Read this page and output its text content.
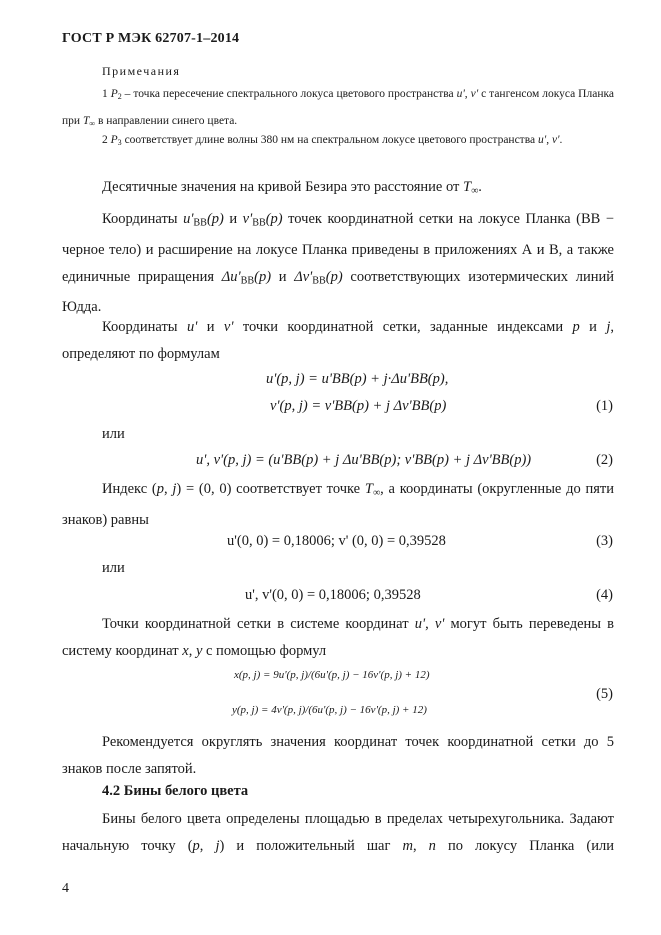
ГОСТ Р МЭК 62707-1–2014
Примечания
1 $P_2$ – точка пересечение спектрального локуса цветового пространства u', v' с тангенсом локуса Планка при $T_\infty$ в направлении синего цвета.
2 $P_3$ соответствует длине волны 380 нм на спектральном локусе цветового пространства u', v'.
Десятичные значения на кривой Безира это расстояние от $T_\infty$.
Координаты $u'_{BB}(p)$ и $v'_{BB}(p)$ точек координатной сетки на локусе Планка (BB − черное тело) и расширение на локусе Планка приведены в приложениях А и B, а также единичные приращения $\Delta u'_{BB}(p)$ и $\Delta v'_{BB}(p)$ соответствующих изотермических линий Юдда.
Координаты u' и v' точки координатной сетки, заданные индексами p и j, определяют по формулам
u'(p, j) = u'BB(p) + j·Δu'BB(p),
v'(p, j) = v'BB(p) + j Δv'BB(p)	(1)
или
u', v'(p, j) = (u'BB(p) + j Δu'BB(p); v'BB(p) + j Δv'BB(p))	(2)
Индекс (p, j) = (0, 0) соответствует точке $T_\infty$, а координаты (округленные до пяти знаков) равны
u'(0, 0) = 0,18006; v' (0, 0) = 0,39528	(3)
или
u', v'(0, 0) = 0,18006; 0,39528	(4)
Точки координатной сетки в системе координат u', v' могут быть переведены в систему координат x, y с помощью формул
x(p, j) = 9u'(p, j)/(6u'(p, j) − 16v'(p, j) + 12)
y(p, j) = 4v'(p, j)/(6u'(p, j) − 16v'(p, j) + 12)
(5)
Рекомендуется округлять значения координат точек координатной сетки до 5 знаков после запятой.
4.2 Бины белого цвета
Бины белого цвета определены площадью в пределах четырехугольника. Задают начальную точку (p, j) и положительный шаг m, n по локусу Планка (или
4
